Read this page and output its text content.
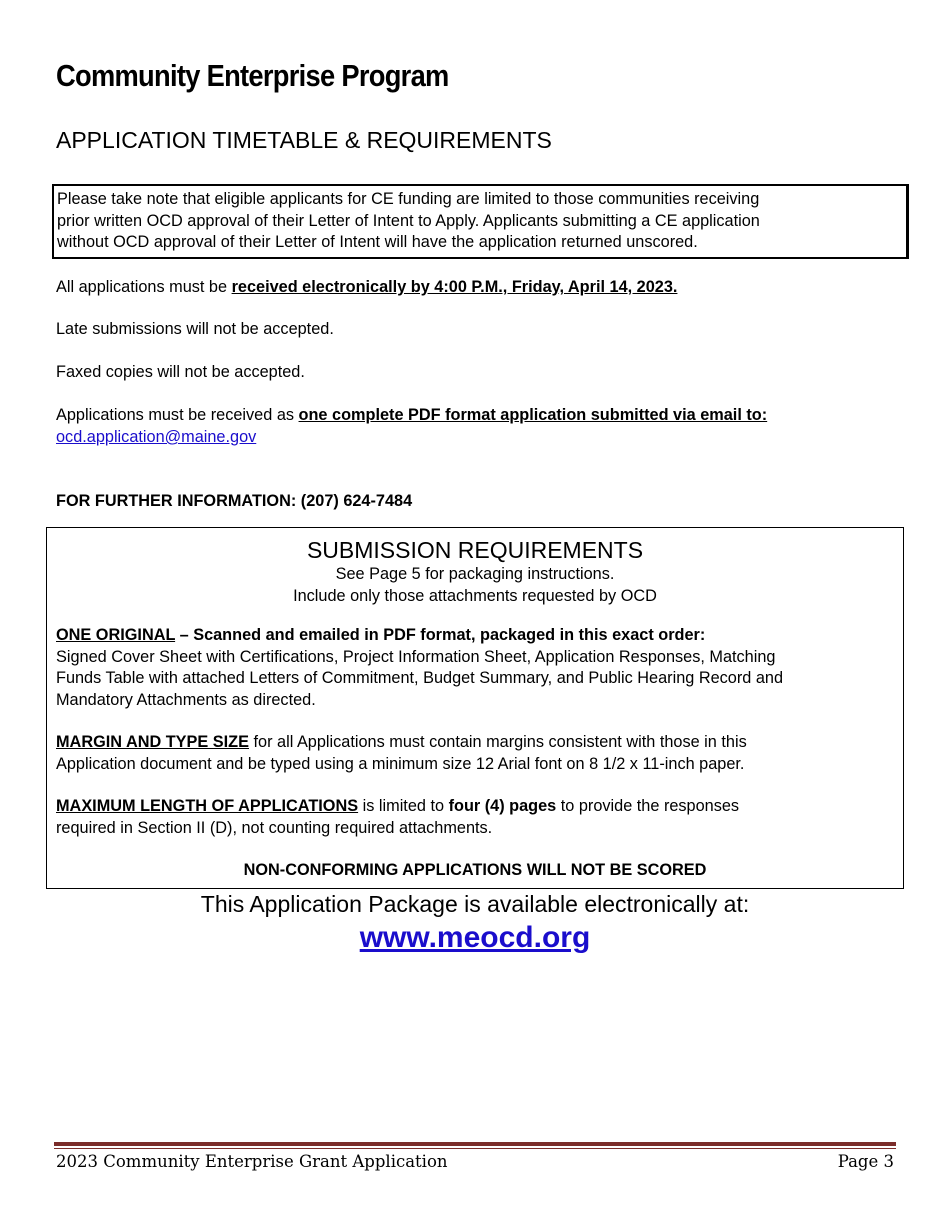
Community Enterprise Program
APPLICATION TIMETABLE & REQUIREMENTS
Please take note that eligible applicants for CE funding are limited to those communities receiving
prior written OCD approval of their Letter of Intent to Apply. Applicants submitting a CE application
without OCD approval of their Letter of Intent will have the application returned unscored.

All applications must be received electronically by 4:00 P.M., Friday, April 14, 2023.

Late submissions will not be accepted.

Faxed copies will not be accepted.

Applications must be received as one complete PDF format application submitted via email to:

ocd.application@maine.gov

FOR FURTHER INFORMATION: (207) 624-7484

SUBMISSION REQUIREMENTS
See Page 5 for packaging instructions.
Include only those attachments requested by OCD
ONE ORIGINAL – Scanned and emailed in PDF format, packaged in this exact order:
Signed Cover Sheet with Certifications, Project Information Sheet, Application Responses, Matching
Funds Table with attached Letters of Commitment, Budget Summary, and Public Hearing Record and
Mandatory Attachments as directed.
MARGIN AND TYPE SIZE for all Applications must contain margins consistent with those in this
Application document and be typed using a minimum size 12 Arial font on 8 1/2 x 11-inch paper.
MAXIMUM LENGTH OF APPLICATIONS is limited to four (4) pages to provide the responses
required in Section II (D), not counting required attachments.
NON-CONFORMING APPLICATIONS WILL NOT BE SCORED
This Application Package is available electronically at:
www.meocd.org
2023 Community Enterprise Grant Application	Page 3
